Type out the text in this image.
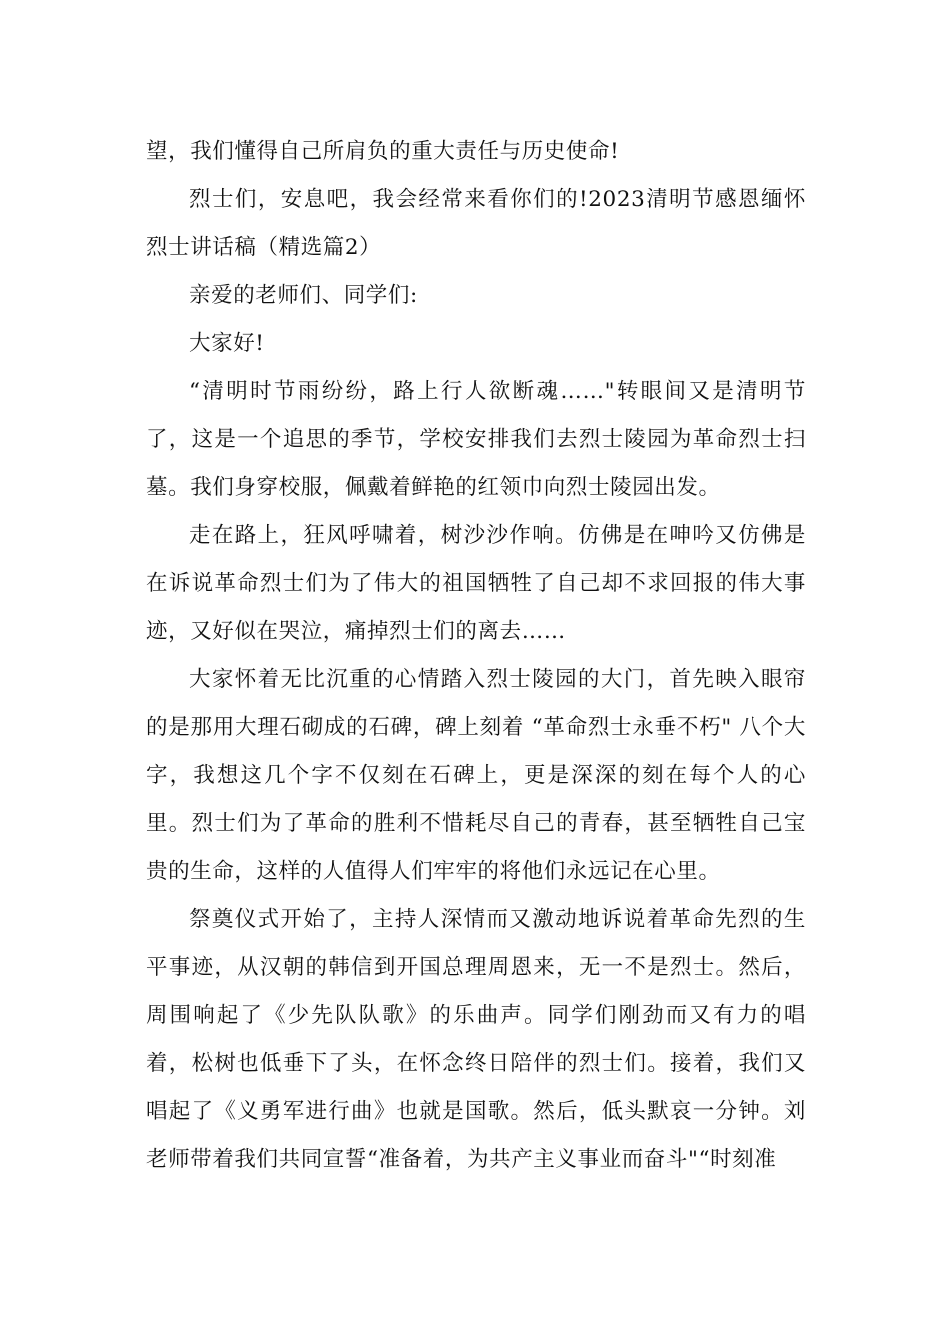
望，我们懂得自己所肩负的重大责任与历史使命!

烈士们，安息吧，我会经常来看你们的!2023清明节感恩缅怀烈士讲话稿（精选篇2）

亲爱的老师们、同学们:

大家好!

“清明时节雨纷纷，路上行人欲断魂……"转眼间又是清明节了，这是一个追思的季节，学校安排我们去烈士陵园为革命烈士扫墓。我们身穿校服，佩戴着鲜艳的红领巾向烈士陵园出发。

走在路上，狂风呼啸着，树沙沙作响。仿佛是在呻吟又仿佛是在诉说革命烈士们为了伟大的祖国牺牲了自己却不求回报的伟大事迹，又好似在哭泣，痛掉烈士们的离去……

大家怀着无比沉重的心情踏入烈士陵园的大门，首先映入眼帘的是那用大理石砌成的石碑，碑上刻着 “革命烈士永垂不朽" 八个大字，我想这几个字不仅刻在石碑上，更是深深的刻在每个人的心里。烈士们为了革命的胜利不惜耗尽自己的青春，甚至牺牲自己宝贵的生命，这样的人值得人们牢牢的将他们永远记在心里。

祭奠仪式开始了，主持人深情而又激动地诉说着革命先烈的生平事迹，从汉朝的韩信到开国总理周恩来，无一不是烈士。然后，周围响起了《少先队队歌》的乐曲声。同学们刚劲而又有力的唱着，松树也低垂下了头，在怀念终日陪伴的烈士们。接着，我们又唱起了《义勇军进行曲》也就是国歌。然后，低头默哀一分钟。刘老师带着我们共同宣誓“准备着，为共产主义事业而奋斗"“时刻准
